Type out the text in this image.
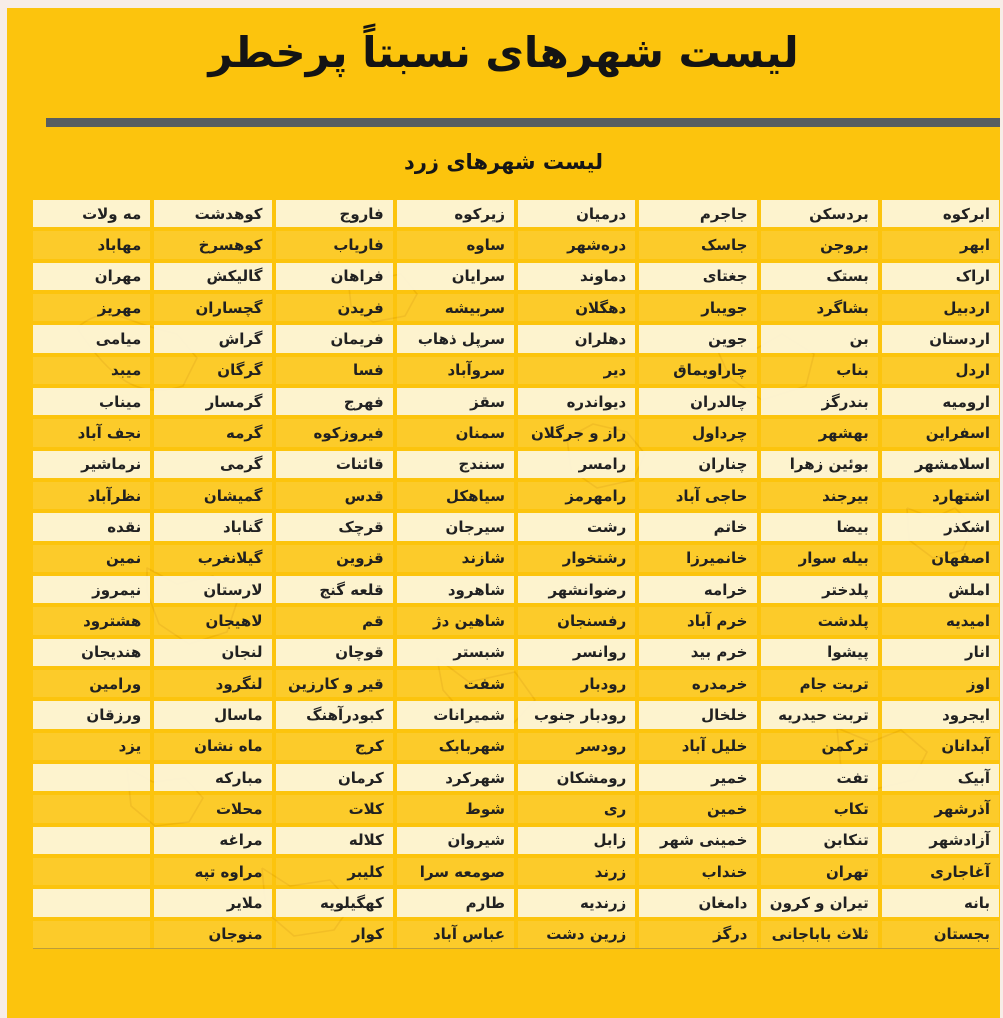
لیست شهرهای نسبتاً پرخطر
لیست شهرهای زرد
ابرکوه
ابهر
اراک
اردبیل
اردستان
اردل
ارومیه
اسفراین
اسلامشهر
اشتهارد
اشکذر
اصفهان
املش
امیدیه
انار
اوز
ایجرود
آبدانان
آبیک
آذرشهر
آزادشهر
آغاجاری
بانه
بجستان
بردسکن
بروجن
بستک
بشاگرد
بن
بناب
بندرگز
بهشهر
بوئین زهرا
بیرجند
بیضا
بیله سوار
پلدختر
پلدشت
پیشوا
تربت جام
تربت حیدریه
ترکمن
تفت
تکاب
تنکابن
تهران
تیران و کرون
ثلاث باباجانی
جاجرم
جاسک
جغتای
جویبار
جوین
چاراویماق
چالدران
چرداول
چناران
حاجی آباد
خاتم
خانمیرزا
خرامه
خرم آباد
خرم بید
خرمدره
خلخال
خلیل آباد
خمیر
خمین
خمینی شهر
خنداب
دامغان
درگز
درمیان
دره‌شهر
دماوند
دهگلان
دهلران
دیر
دیواندره
راز و جرگلان
رامسر
رامهرمز
رشت
رشتخوار
رضوانشهر
رفسنجان
روانسر
رودبار
رودبار جنوب
رودسر
رومشکان
ری
زابل
زرند
زرندیه
زرین دشت
زیرکوه
ساوه
سرایان
سربیشه
سرپل ذهاب
سروآباد
سقز
سمنان
سنندج
سیاهکل
سیرجان
شازند
شاهرود
شاهین دژ
شبستر
شفت
شمیرانات
شهربابک
شهرکرد
شوط
شیروان
صومعه سرا
طارم
عباس آباد
فاروج
فاریاب
فراهان
فریدن
فریمان
فسا
فهرج
فیروزکوه
قائنات
قدس
قرچک
قزوین
قلعه گنج
قم
قوچان
قیر و کارزین
کبودرآهنگ
کرج
کرمان
کلات
کلاله
کلیبر
کهگیلویه
کوار
کوهدشت
کوهسرخ
گالیکش
گچساران
گراش
گرگان
گرمسار
گرمه
گرمی
گمیشان
گناباد
گیلانغرب
لارستان
لاهیجان
لنجان
لنگرود
ماسال
ماه نشان
مبارکه
محلات
مراغه
مراوه تپه
ملایر
منوجان
مه ولات
مهاباد
مهران
مهریز
میامی
میبد
میناب
نجف آباد
نرماشیر
نظرآباد
نقده
نمین
نیمروز
هشترود
هندیجان
ورامین
ورزقان
یزد
